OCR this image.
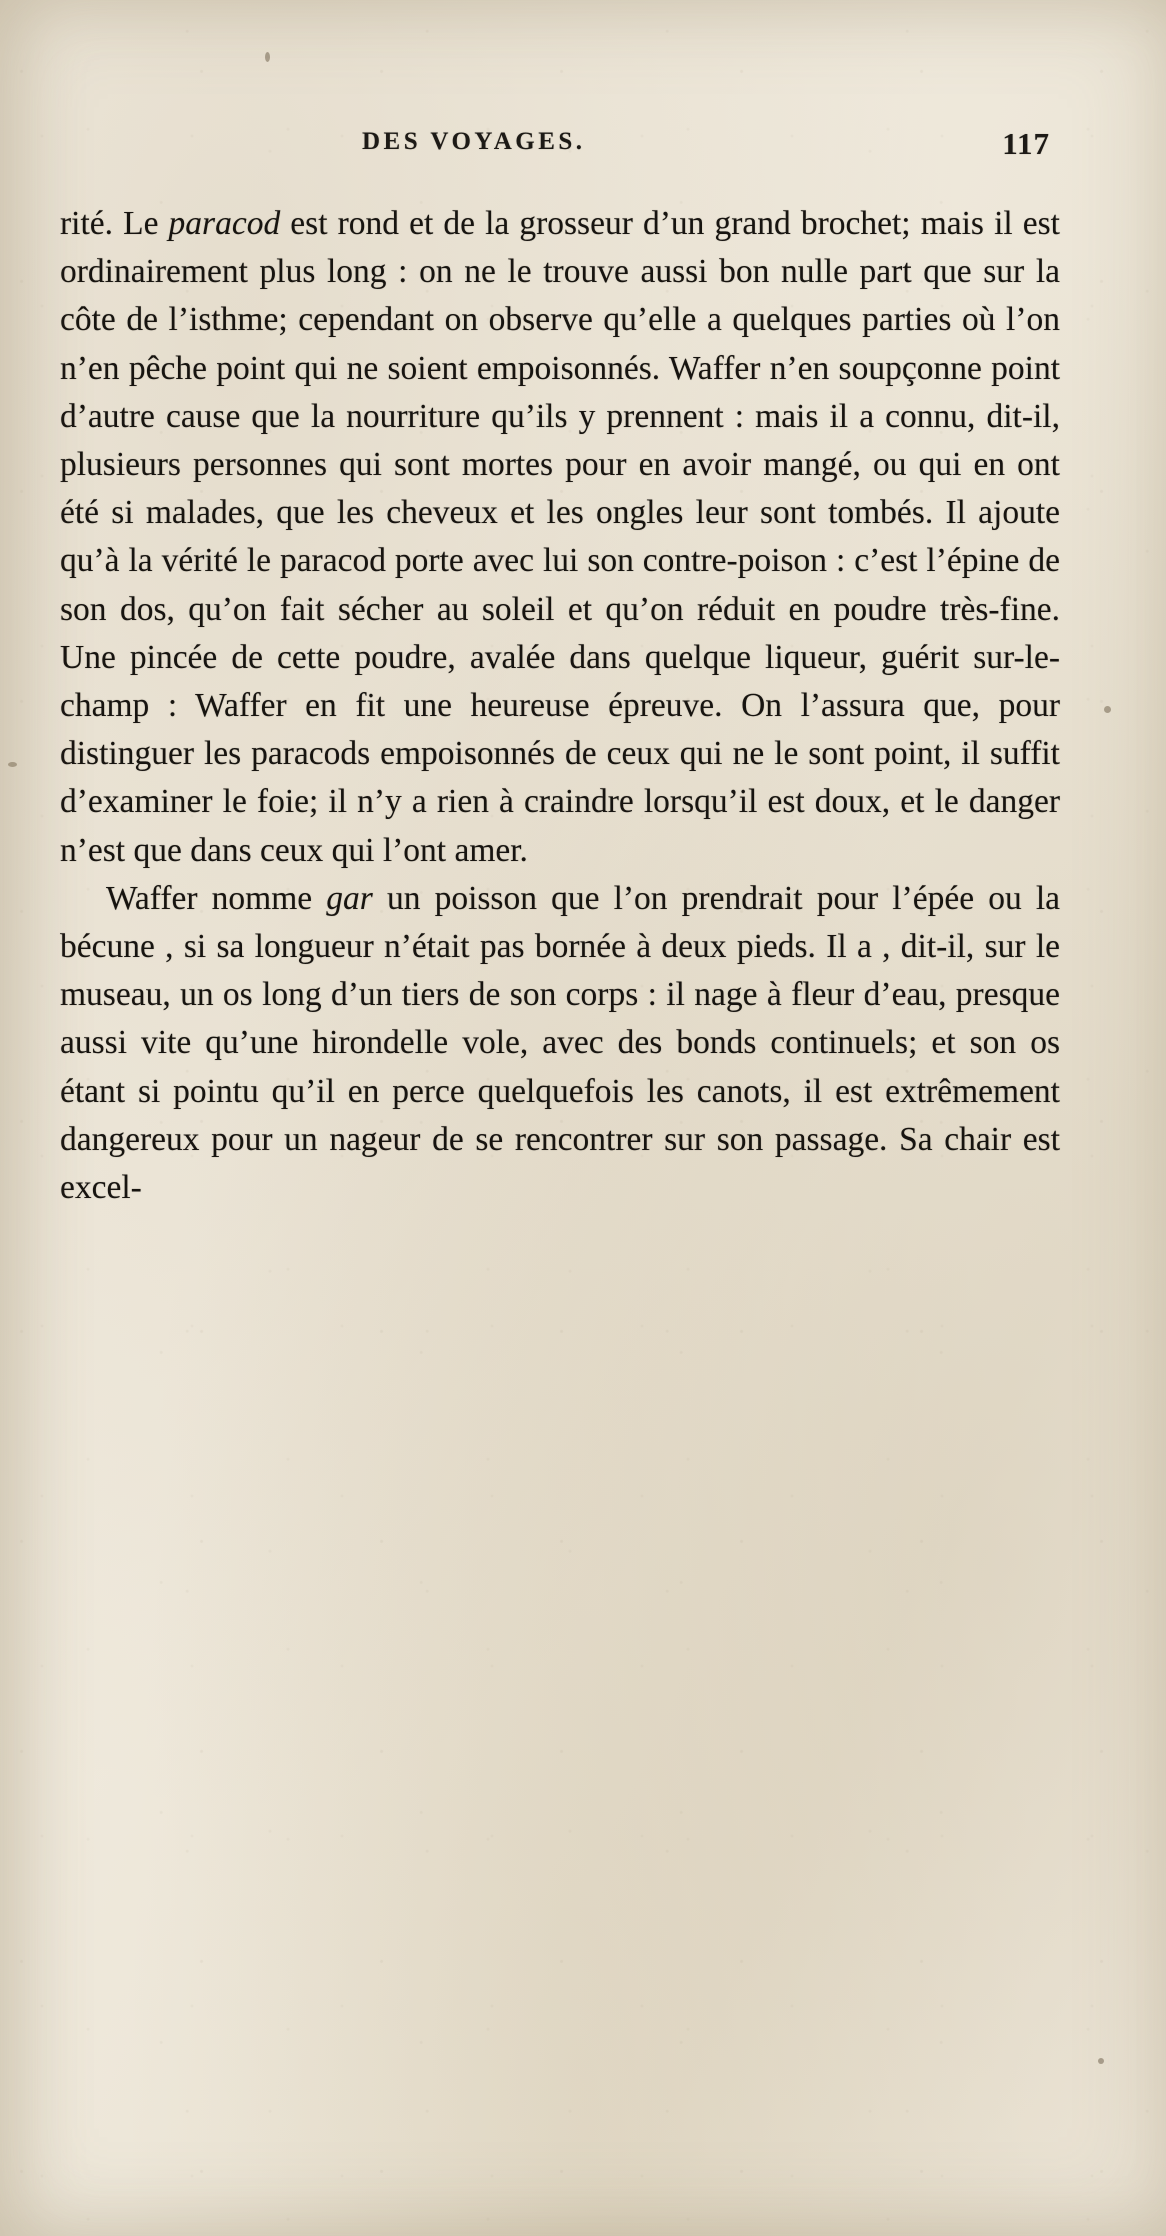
DES VOYAGES.	117

rité. Le paracod est rond et de la grosseur d’un grand brochet; mais il est ordinairement plus long : on ne le trouve aussi bon nulle part que sur la côte de l’isthme; cependant on observe qu’elle a quelques parties où l’on n’en pêche point qui ne soient empoisonnés. Waffer n’en soupçonne point d’autre cause que la nourriture qu’ils y prennent : mais il a connu, dit-il, plusieurs personnes qui sont mortes pour en avoir mangé, ou qui en ont été si malades, que les cheveux et les ongles leur sont tombés. Il ajoute qu’à la vérité le paracod porte avec lui son contre-poison : c’est l’épine de son dos, qu’on fait sécher au soleil et qu’on réduit en poudre très-fine. Une pincée de cette poudre, avalée dans quelque liqueur, guérit sur-le-champ : Waffer en fit une heureuse épreuve. On l’assura que, pour distinguer les paracods empoisonnés de ceux qui ne le sont point, il suffit d’examiner le foie; il n’y a rien à craindre lorsqu’il est doux, et le danger n’est que dans ceux qui l’ont amer.

Waffer nomme gar un poisson que l’on prendrait pour l’épée ou la bécune , si sa longueur n’était pas bornée à deux pieds. Il a , dit-il, sur le museau, un os long d’un tiers de son corps : il nage à fleur d’eau, presque aussi vite qu’une hirondelle vole, avec des bonds continuels; et son os étant si pointu qu’il en perce quelquefois les canots, il est extrêmement dangereux pour un nageur de se rencontrer sur son passage. Sa chair est excel-
